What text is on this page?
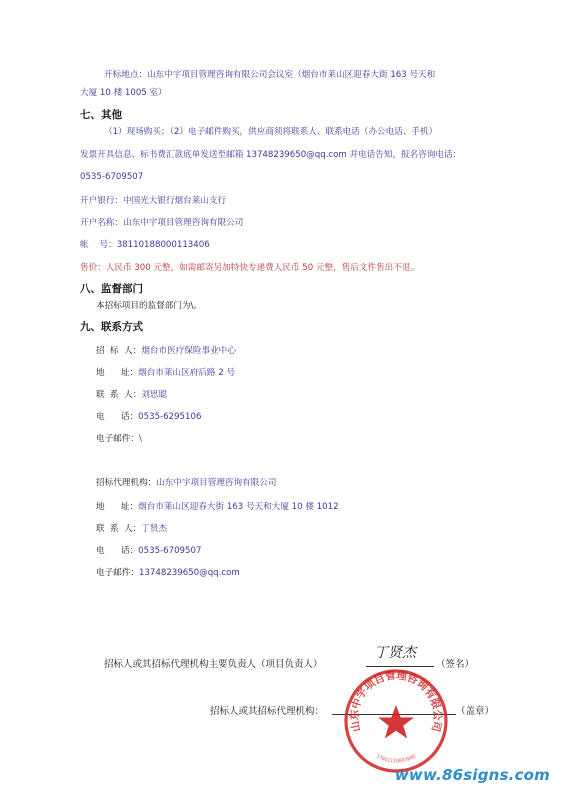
开标地点：山东中宇项目管理咨询有限公司会议室（烟台市莱山区迎春大街 163 号天和
大厦 10 楼 1005 室）
七、其他
（1）现场购买；（2）电子邮件购买，供应商须将联系人、联系电话（办公电话、手机）
发票开具信息、标书费汇款底单发送至邮箱 13748239650@qq.com 并电话告知，报名咨询电话：
0535-6709507
开户银行：中国光大银行烟台莱山支行
开户名称：山东中宇项目管理咨询有限公司
帐    号：38110188000113406
售价：人民币 300 元整，如需邮寄另加特快专递费人民币 50 元整，售后文件售出不退。
八、监督部门
本招标项目的监督部门为\。
九、联系方式
招  标  人：烟台市医疗保险事业中心
地      址：烟台市莱山区府后路 2 号
联  系  人：刘思聪
电      话：0535-6295106
电子邮件：\
招标代理机构：山东中宇项目管理咨询有限公司
地      址：烟台市莱山区迎春大街 163 号天和大厦 10 楼 1012
联  系  人：丁贤杰
电      话：0535-6709507
电子邮件：13748239650@qq.com
招标人或其招标代理机构主要负责人（项目负责人）
丁贤杰
（签名）
招标人或其招标代理机构：	（盖章）
山东中宇项目管理咨询有限公司
37061110093806
www.86signs.com
